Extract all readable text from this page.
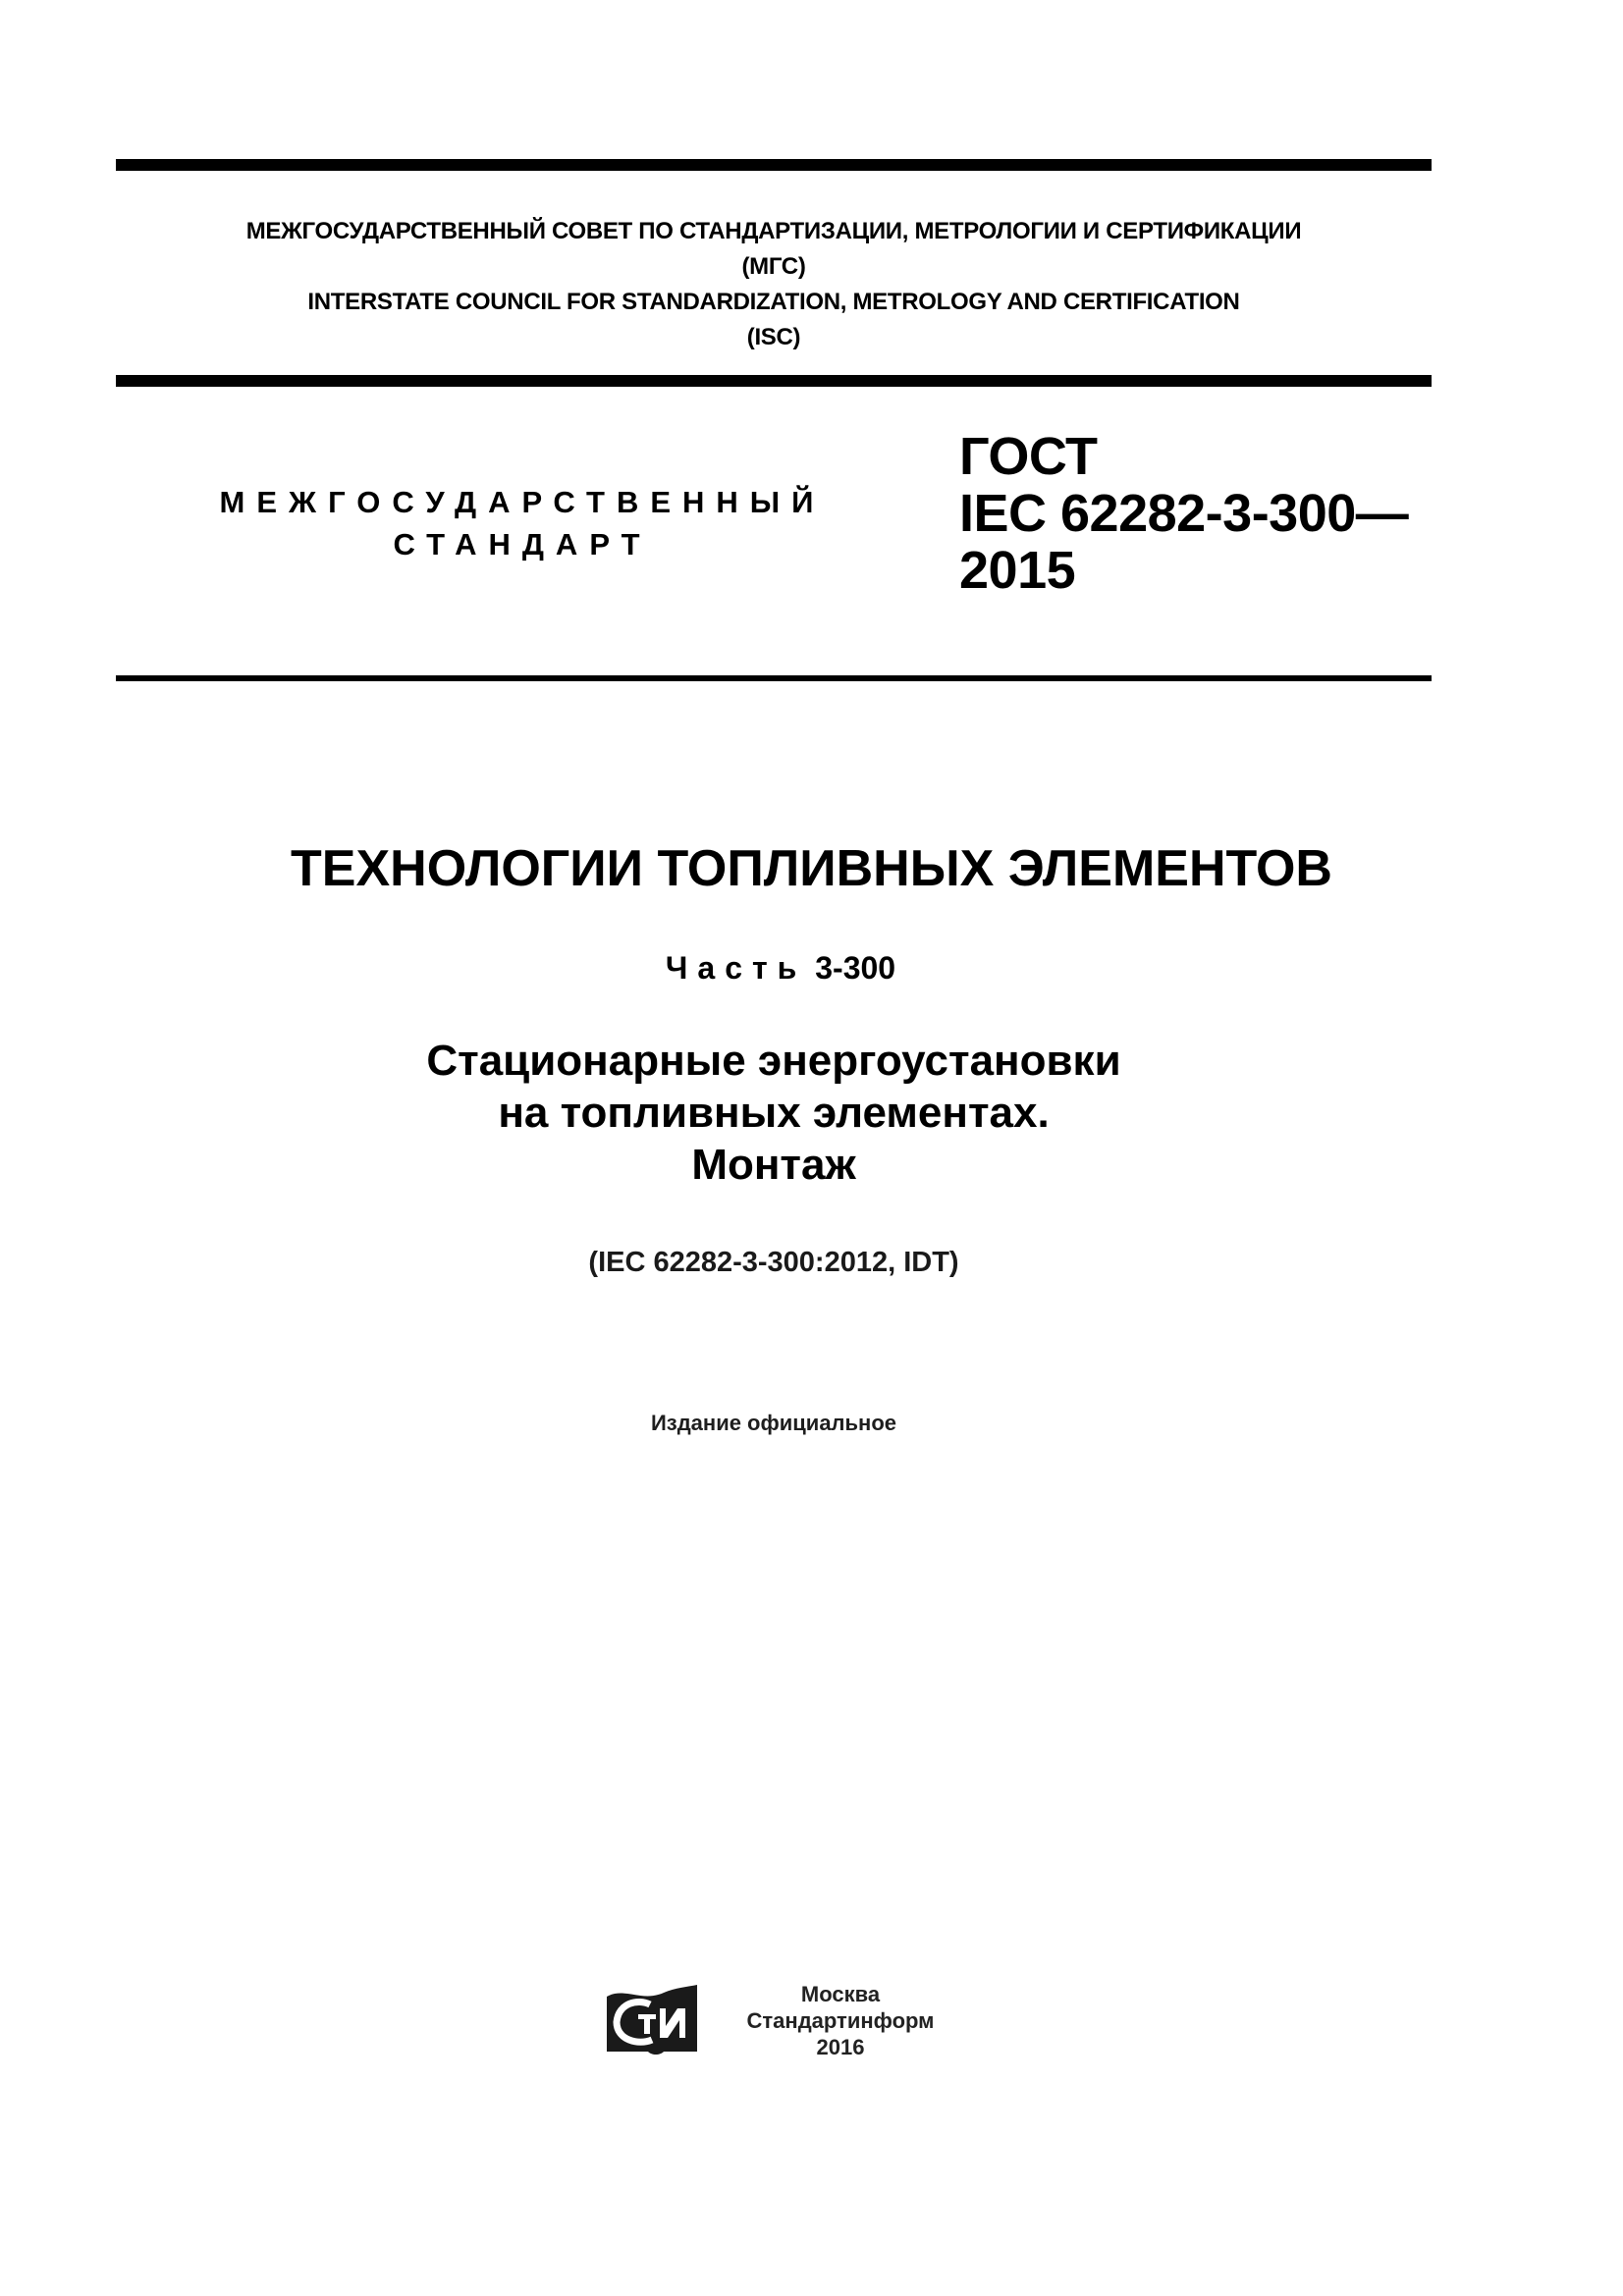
МЕЖГОСУДАРСТВЕННЫЙ СОВЕТ ПО СТАНДАРТИЗАЦИИ, МЕТРОЛОГИИ И СЕРТИФИКАЦИИ
(МГС)
INTERSTATE COUNCIL FOR STANDARDIZATION, METROLOGY AND CERTIFICATION
(ISC)
МЕЖГОСУДАРСТВЕННЫЙ
СТАНДАРТ
ГОСТ
IEC 62282-3-300—
2015
ТЕХНОЛОГИИ ТОПЛИВНЫХ ЭЛЕМЕНТОВ
Часть 3-300
Стационарные энергоустановки
на топливных элементах.
Монтаж
(IEC 62282-3-300:2012, IDT)
Издание официальное
Москва
Стандартинформ
2016
